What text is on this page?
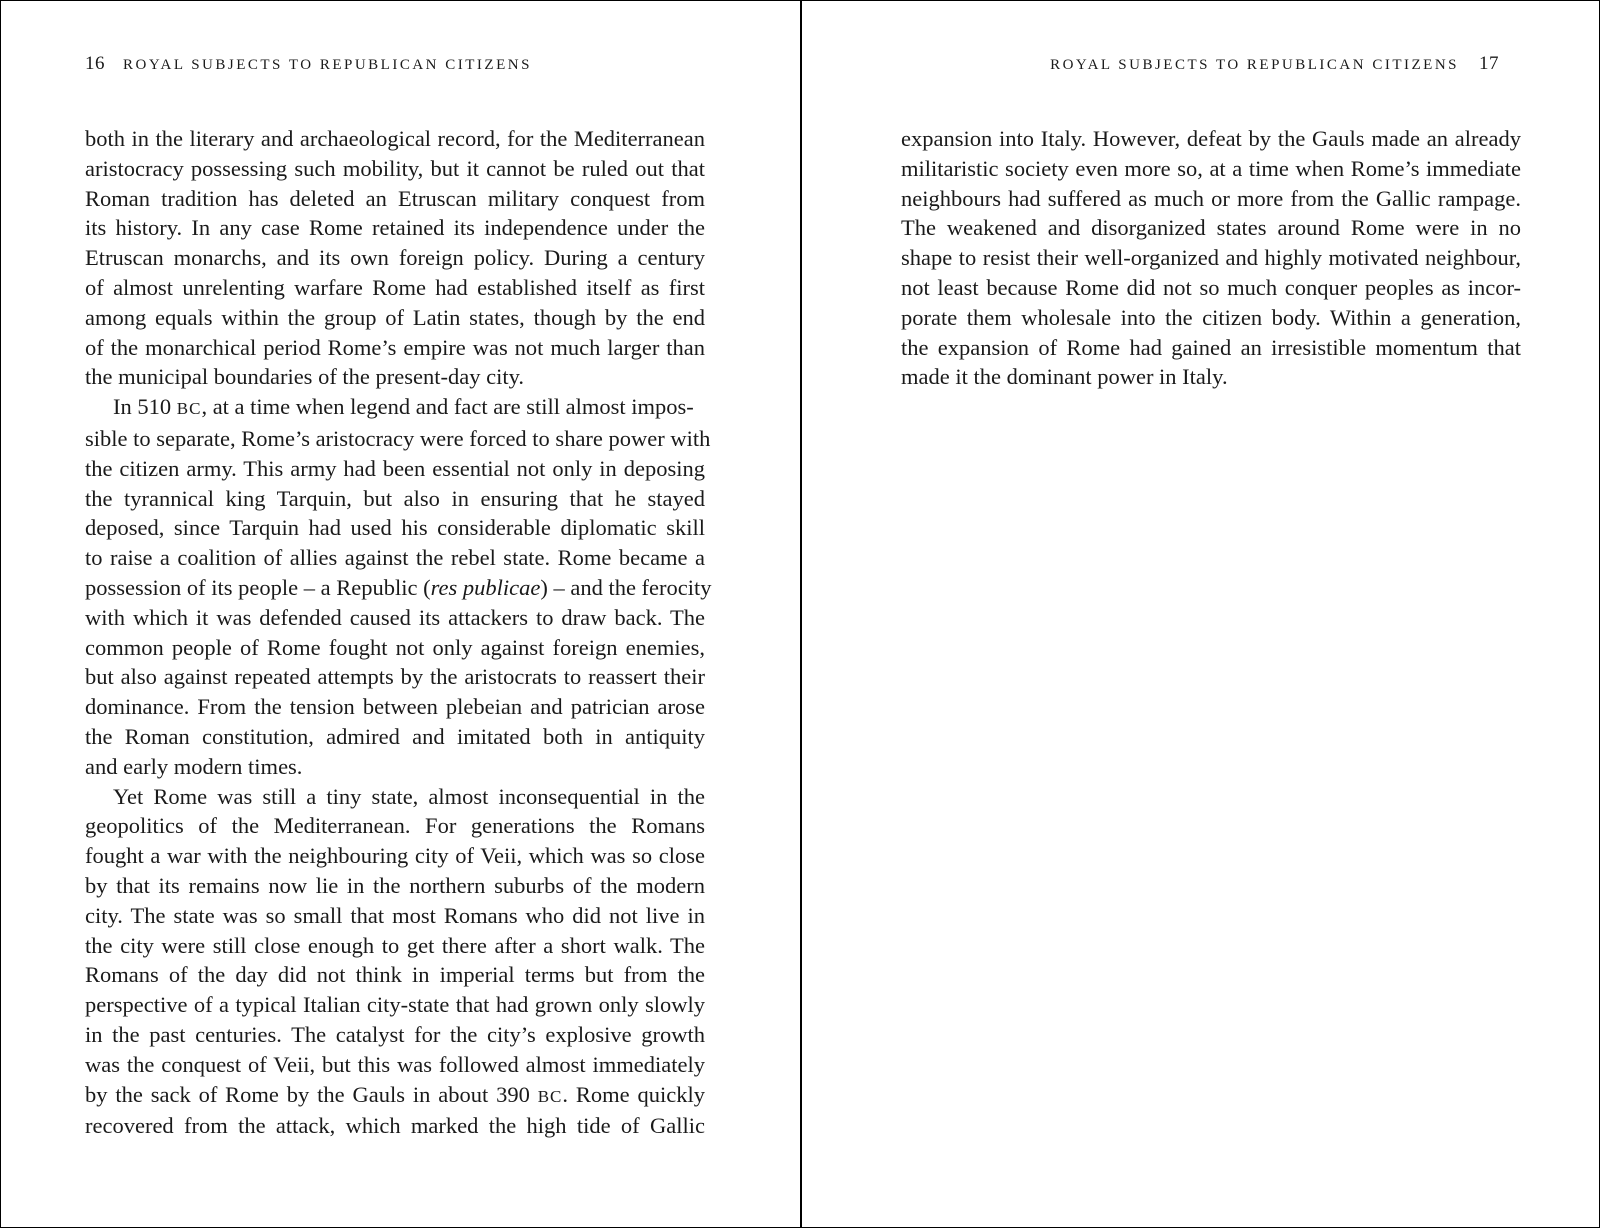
16 ROYAL SUBJECTS TO REPUBLICAN CITIZENS
both in the literary and archaeological record, for the Mediterranean
aristocracy possessing such mobility, but it cannot be ruled out that
Roman tradition has deleted an Etruscan military conquest from
its history. In any case Rome retained its independence under the
Etruscan monarchs, and its own foreign policy. During a century
of almost unrelenting warfare Rome had established itself as first
among equals within the group of Latin states, though by the end
of the monarchical period Rome’s empire was not much larger than
the municipal boundaries of the present-day city.
In 510 BC, at a time when legend and fact are still almost impos-
sible to separate, Rome’s aristocracy were forced to share power with
the citizen army. This army had been essential not only in deposing
the tyrannical king Tarquin, but also in ensuring that he stayed
deposed, since Tarquin had used his considerable diplomatic skill
to raise a coalition of allies against the rebel state. Rome became a
possession of its people – a Republic (res publicae) – and the ferocity
with which it was defended caused its attackers to draw back. The
common people of Rome fought not only against foreign enemies,
but also against repeated attempts by the aristocrats to reassert their
dominance. From the tension between plebeian and patrician arose
the Roman constitution, admired and imitated both in antiquity
and early modern times.
Yet Rome was still a tiny state, almost inconsequential in the
geopolitics of the Mediterranean. For generations the Romans
fought a war with the neighbouring city of Veii, which was so close
by that its remains now lie in the northern suburbs of the modern
city. The state was so small that most Romans who did not live in
the city were still close enough to get there after a short walk. The
Romans of the day did not think in imperial terms but from the
perspective of a typical Italian city-state that had grown only slowly
in the past centuries. The catalyst for the city’s explosive growth
was the conquest of Veii, but this was followed almost immediately
by the sack of Rome by the Gauls in about 390 BC. Rome quickly
recovered from the attack, which marked the high tide of Gallic
ROYAL SUBJECTS TO REPUBLICAN CITIZENS 17
expansion into Italy. However, defeat by the Gauls made an already
militaristic society even more so, at a time when Rome’s immediate
neighbours had suffered as much or more from the Gallic rampage.
The weakened and disorganized states around Rome were in no
shape to resist their well-organized and highly motivated neighbour,
not least because Rome did not so much conquer peoples as incor-
porate them wholesale into the citizen body. Within a generation,
the expansion of Rome had gained an irresistible momentum that
made it the dominant power in Italy.
